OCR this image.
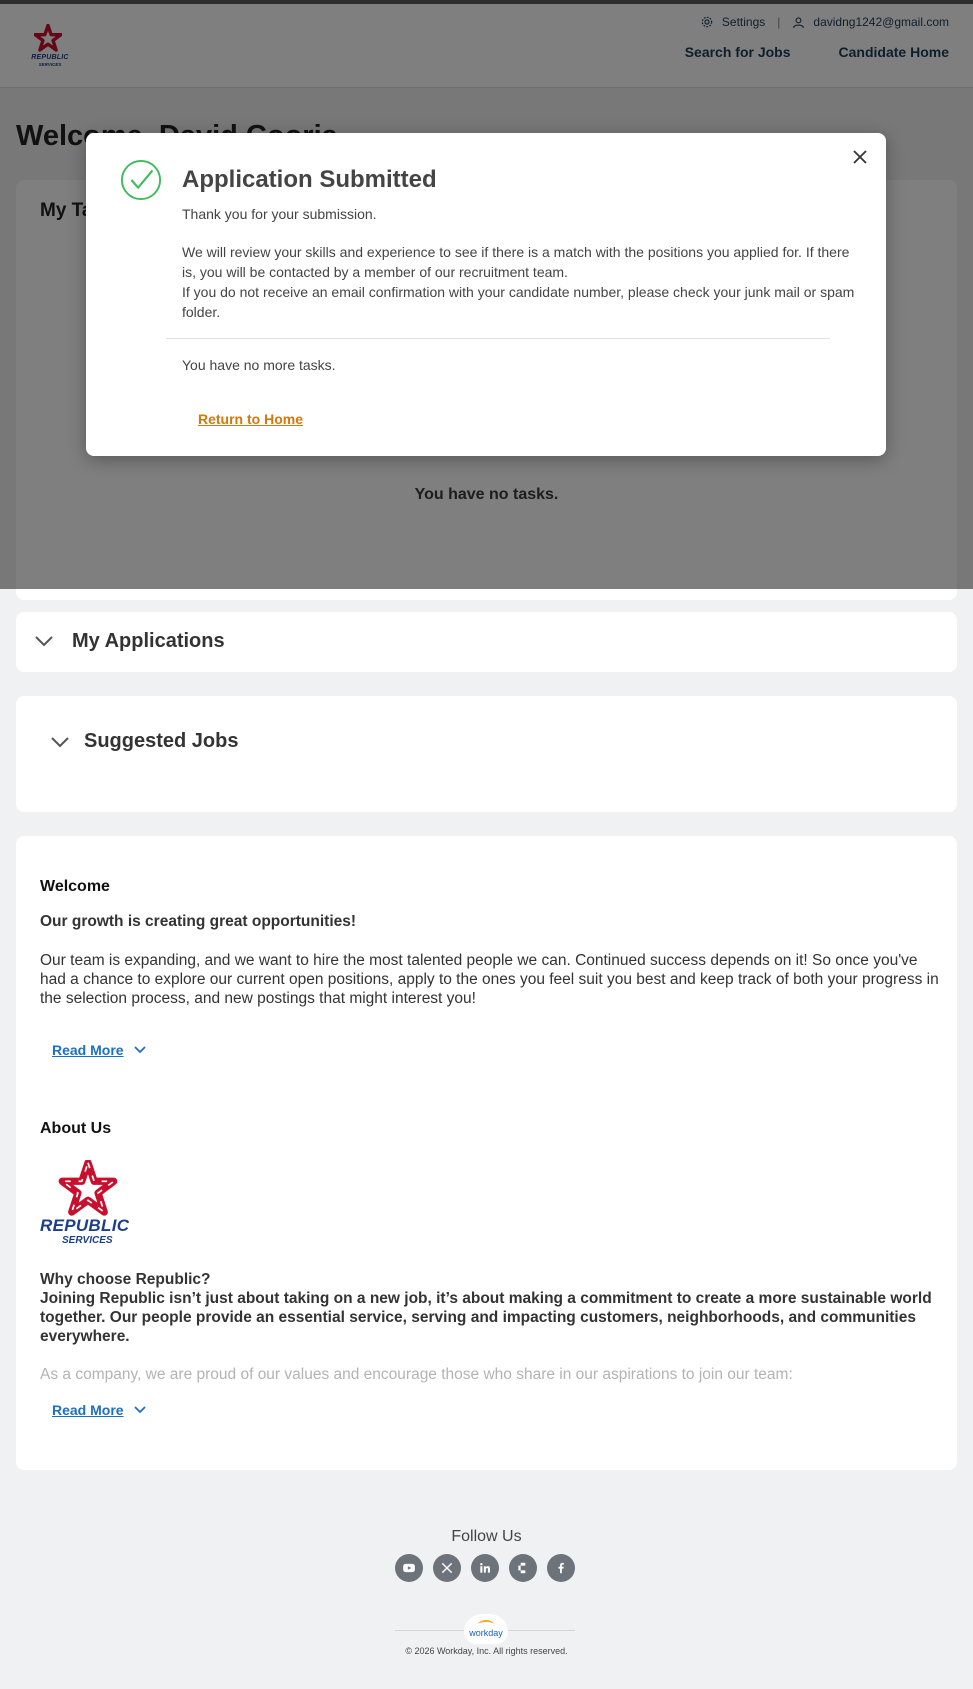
My Applications
Suggested Jobs
Welcome
Our growth is creating great opportunities!

Our team is expanding, and we want to hire the most talented people we can. Continued success depends on it! So once you've had a chance to explore our current open positions, apply to the ones you feel suit you best and keep track of both your progress in the selection process, and new postings that might interest you!

Read More
About Us
REPUBLIC
SERVICES
Why choose Republic?
Joining Republic isn’t just about taking on a new job, it’s about making a commitment to create a more sustainable world together. Our people provide an essential service, serving and impacting customers, neighborhoods, and communities everywhere.
As a company, we are proud of our values and encourage those who share in our aspirations to join our team:
Read More
Follow Us
workday
© 2026 Workday, Inc. All rights reserved.
Application Submitted
Thank you for your submission.
We will review your skills and experience to see if there is a match with the positions you applied for. If there is, you will be contacted by a member of our recruitment team.
If you do not receive an email confirmation with your candidate number, please check your junk mail or spam folder.
You have no more tasks.
Return to Home
